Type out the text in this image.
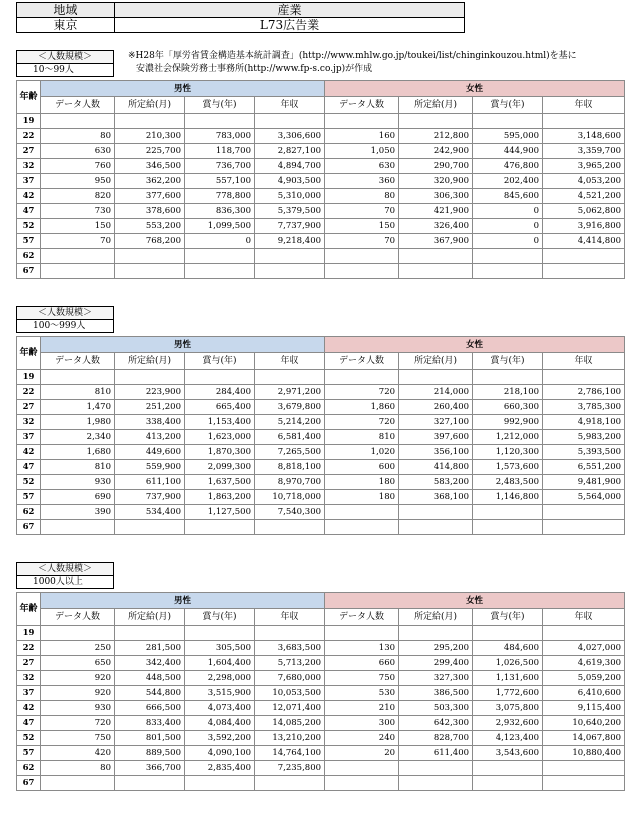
地域	産業
東京	L73広告業
※H28年「厚労省賃金構造基本統計調査」(http://www.mhlw.go.jp/toukei/list/chinginkouzou.html)を基に
安濃社会保険労務士事務所(http://www.fp-s.co.jp)が作成
＜人数規模＞
10～99人
年齢	男性				女性			
	データ人数	所定給(月)	賞与(年)	年収	データ人数	所定給(月)	賞与(年)	年収
19								
22	80	210,300	783,000	3,306,600	160	212,800	595,000	3,148,600
27	630	225,700	118,700	2,827,100	1,050	242,900	444,900	3,359,700
32	760	346,500	736,700	4,894,700	630	290,700	476,800	3,965,200
37	950	362,200	557,100	4,903,500	360	320,900	202,400	4,053,200
42	820	377,600	778,800	5,310,000	80	306,300	845,600	4,521,200
47	730	378,600	836,300	5,379,500	70	421,900	0	5,062,800
52	150	553,200	1,099,500	7,737,900	150	326,400	0	3,916,800
57	70	768,200	0	9,218,400	70	367,900	0	4,414,800
62								
67								
＜人数規模＞
100～999人
年齢	男性				女性			
	データ人数	所定給(月)	賞与(年)	年収	データ人数	所定給(月)	賞与(年)	年収
19								
22	810	223,900	284,400	2,971,200	720	214,000	218,100	2,786,100
27	1,470	251,200	665,400	3,679,800	1,860	260,400	660,300	3,785,300
32	1,980	338,400	1,153,400	5,214,200	720	327,100	992,900	4,918,100
37	2,340	413,200	1,623,000	6,581,400	810	397,600	1,212,000	5,983,200
42	1,680	449,600	1,870,300	7,265,500	1,020	356,100	1,120,300	5,393,500
47	810	559,900	2,099,300	8,818,100	600	414,800	1,573,600	6,551,200
52	930	611,100	1,637,500	8,970,700	180	583,200	2,483,500	9,481,900
57	690	737,900	1,863,200	10,718,000	180	368,100	1,146,800	5,564,000
62	390	534,400	1,127,500	7,540,300				
67								
＜人数規模＞
1000人以上
年齢	男性				女性			
	データ人数	所定給(月)	賞与(年)	年収	データ人数	所定給(月)	賞与(年)	年収
19								
22	250	281,500	305,500	3,683,500	130	295,200	484,600	4,027,000
27	650	342,400	1,604,400	5,713,200	660	299,400	1,026,500	4,619,300
32	920	448,500	2,298,000	7,680,000	750	327,300	1,131,600	5,059,200
37	920	544,800	3,515,900	10,053,500	530	386,500	1,772,600	6,410,600
42	930	666,500	4,073,400	12,071,400	210	503,300	3,075,800	9,115,400
47	720	833,400	4,084,400	14,085,200	300	642,300	2,932,600	10,640,200
52	750	801,500	3,592,200	13,210,200	240	828,700	4,123,400	14,067,800
57	420	889,500	4,090,100	14,764,100	20	611,400	3,543,600	10,880,400
62	80	366,700	2,835,400	7,235,800				
67								
